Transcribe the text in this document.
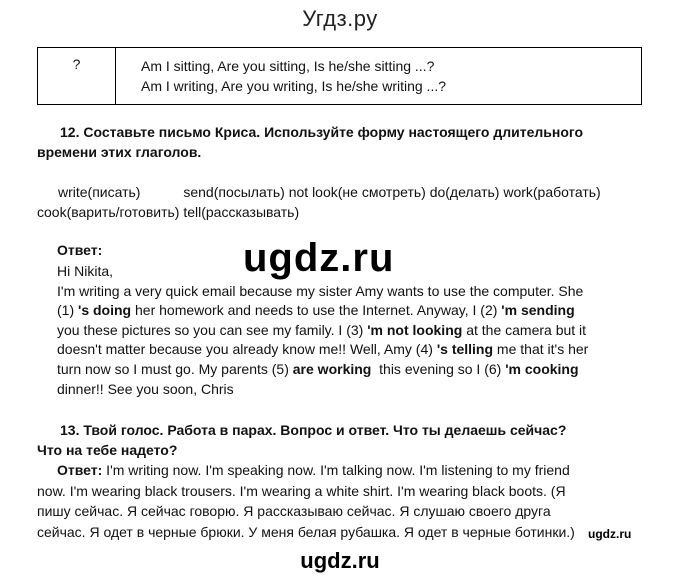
Угдз.ру
?	Am I sitting, Are you sitting, Is he/she sitting ...?
Am I writing, Are you writing, Is he/she writing ...?
12. Составьте письмо Криса. Используйте форму настоящего длительного
времени этих глаголов.
write(писать)	send(посылать) not look(не смотреть) do(делать) work(работать)
cook(варить/готовить) tell(рассказывать)
Ответ:
Hi Nikita,
I'm writing a very quick email because my sister Amy wants to use the computer. She
(1) 's doing her homework and needs to use the Internet. Anyway, I (2) 'm sending
you these pictures so you can see my family. I (3) 'm not looking at the camera but it
doesn't matter because you already know me!! Well, Amy (4) 's telling me that it's her
turn now so I must go. My parents (5) are working  this evening so I (6) 'm cooking
dinner!! See you soon, Chris
ugdz.ru
13. Твой голос. Работа в парах. Вопрос и ответ. Что ты делаешь сейчас?
Что на тебе надето?
Ответ: I'm writing now. I'm speaking now. I'm talking now. I'm listening to my friend
now. I'm wearing black trousers. I'm wearing a white shirt. I'm wearing black boots. (Я
пишу сейчас. Я сейчас говорю. Я рассказываю сейчас. Я слушаю своего друга
сейчас. Я одет в черные брюки. У меня белая рубашка. Я одет в черные ботинки.)	ugdz.ru
ugdz.ru
